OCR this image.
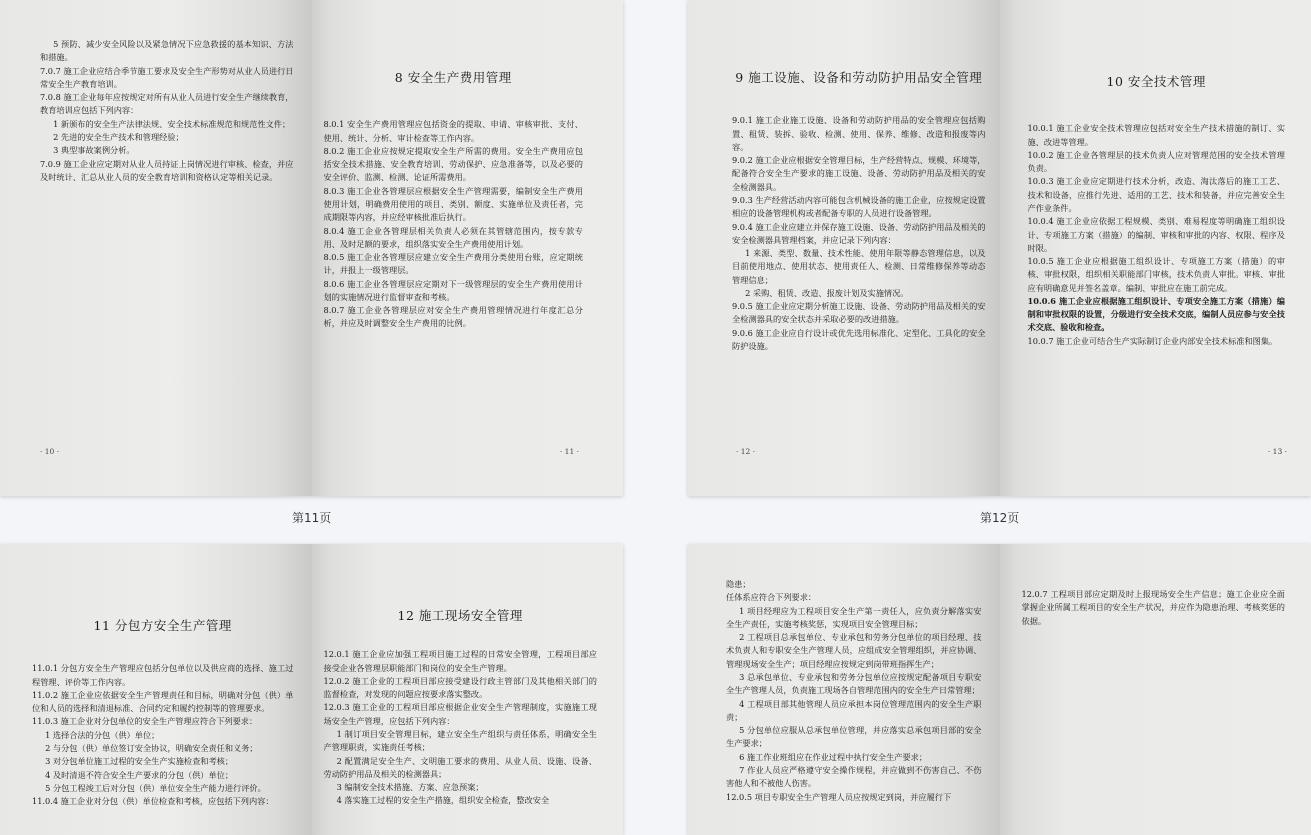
5 预防、减少安全风险以及紧急情况下应急救援的基本知识、方法和措施。

7.0.7 施工企业应结合季节施工要求及安全生产形势对从业人员进行日常安全生产教育培训。

7.0.8 施工企业每年应按规定对所有从业人员进行安全生产继续教育，教育培训应包括下列内容：

1 新颁布的安全生产法律法规、安全技术标准规范和规范性文件；

2 先进的安全生产技术和管理经验；

3 典型事故案例分析。

7.0.9 施工企业应定期对从业人员持证上岗情况进行审核、检查，并应及时统计、汇总从业人员的安全教育培训和资格认定等相关记录。

· 10 ·
8 安全生产费用管理

8.0.1 安全生产费用管理应包括资金的提取、申请、审核审批、支付、使用、统计、分析、审计检查等工作内容。

8.0.2 施工企业应按规定提取安全生产所需的费用。安全生产费用应包括安全技术措施、安全教育培训、劳动保护、应急准备等，以及必要的安全评价、监测、检测、论证所需费用。

8.0.3 施工企业各管理层应根据安全生产管理需要，编制安全生产费用使用计划，明确费用使用的项目、类别、额度、实施单位及责任者，完成期限等内容，并应经审核批准后执行。

8.0.4 施工企业各管理层相关负责人必须在其管辖范围内，按专款专用、及时足额的要求，组织落实安全生产费用使用计划。

8.0.5 施工企业各管理层应建立安全生产费用分类使用台账，应定期统计，并报上一级管理层。

8.0.6 施工企业各管理层应定期对下一级管理层的安全生产费用使用计划的实施情况进行监督审查和考核。

8.0.7 施工企业各管理层应对安全生产费用管理情况进行年度汇总分析，并应及时调整安全生产费用的比例。

· 11 ·
9 施工设施、设备和劳动防护用品安全管理

9.0.1 施工企业施工设施、设备和劳动防护用品的安全管理应包括购置、租赁、装拆、验收、检测、使用、保养、维修、改造和报废等内容。

9.0.2 施工企业应根据安全管理目标，生产经营特点、规模、环境等，配备符合安全生产要求的施工设施、设备、劳动防护用品及相关的安全检测器具。

9.0.3 生产经营活动内容可能包含机械设备的施工企业，应按规定设置相应的设备管理机构或者配备专职的人员进行设备管理。

9.0.4 施工企业应建立并保存施工设施、设备、劳动防护用品及相关的安全检测器具管理档案，并应记录下列内容：

1 来源、类型、数量、技术性能、使用年限等静态管理信息，以及目前使用地点、使用状态、使用责任人、检测、日常维修保养等动态管理信息；

2 采购、租赁、改造、报废计划及实施情况。

9.0.5 施工企业应定期分析施工设施、设备、劳动防护用品及相关的安全检测器具的安全状态并采取必要的改进措施。

9.0.6 施工企业应自行设计或优先选用标准化、定型化、工具化的安全防护设施。

· 12 ·
10 安全技术管理

10.0.1 施工企业安全技术管理应包括对安全生产技术措施的制订、实施、改进等管理。

10.0.2 施工企业各管理层的技术负责人应对管理范围的安全技术管理负责。

10.0.3 施工企业应定期进行技术分析，改造、淘汰落后的施工工艺、技术和设备，应推行先进、适用的工艺、技术和装备，并应完善安全生产作业条件。

10.0.4 施工企业应依据工程规模、类别、难易程度等明确施工组织设计、专项施工方案（措施）的编制、审核和审批的内容、权限、程序及时限。

10.0.5 施工企业应根据施工组织设计、专项施工方案（措施）的审核、审批权限，组织相关职能部门审核，技术负责人审批。审核、审批应有明确意见并签名盖章。编制、审批应在施工前完成。

10.0.6 施工企业应根据施工组织设计、专项安全施工方案（措施）编制和审批权限的设置，分级进行安全技术交底，编制人员应参与安全技术交底、验收和检查。

10.0.7 施工企业可结合生产实际制订企业内部安全技术标准和图集。

· 13 ·
第11页	第12页
11 分包方安全生产管理

11.0.1 分包方安全生产管理应包括分包单位以及供应商的选择、施工过程管理、评价等工作内容。

11.0.2 施工企业应依据安全生产管理责任和目标，明确对分包（供）单位和人员的选择和清退标准、合同约定和履约控制等的管理要求。

11.0.3 施工企业对分包单位的安全生产管理应符合下列要求：

1 选择合法的分包（供）单位；

2 与分包（供）单位签订安全协议，明确安全责任和义务；

3 对分包单位施工过程的安全生产实施检查和考核；

4 及时清退不符合安全生产要求的分包（供）单位；

5 分包工程竣工后对分包（供）单位安全生产能力进行评价。

11.0.4 施工企业对分包（供）单位检查和考核，应包括下列内容：

12 施工现场安全管理

12.0.1 施工企业应加强工程项目施工过程的日常安全管理，工程项目部应接受企业各管理层职能部门和岗位的安全生产管理。

12.0.2 施工企业的工程项目部应接受建设行政主管部门及其他相关部门的监督检查，对发现的问题应按要求落实整改。

12.0.3 施工企业的工程项目部应根据企业安全生产管理制度，实施施工现场安全生产管理，应包括下列内容：

1 制订项目安全管理目标，建立安全生产组织与责任体系，明确安全生产管理职责，实施责任考核；

2 配置满足安全生产、文明施工要求的费用、从业人员、设施、设备、劳动防护用品及相关的检测器具；

3 编制安全技术措施、方案、应急预案；

4 落实施工过程的安全生产措施，组织安全检查，整改安全

隐患；

任体系应符合下列要求：

1 项目经理应为工程项目安全生产第一责任人，应负责分解落实安全生产责任，实施考核奖惩，实现项目安全管理目标；

2 工程项目总承包单位、专业承包和劳务分包单位的项目经理、技术负责人和专职安全生产管理人员，应组成安全管理组织，并应协调、管理现场安全生产；项目经理应按规定到岗带班指挥生产；

3 总承包单位、专业承包和劳务分包单位应按规定配备项目专职安全生产管理人员，负责施工现场各自管理范围内的安全生产日常管理；

4 工程项目部其他管理人员应承担本岗位管理范围内的安全生产职责；

5 分包单位应服从总承包单位管理，并应落实总承包项目部的安全生产要求；

6 施工作业班组应在作业过程中执行安全生产要求；

7 作业人员应严格遵守安全操作规程，并应做到不伤害自己、不伤害他人和不被他人伤害。

12.0.5 项目专职安全生产管理人员应按规定到岗，并应履行下

12.0.7 工程项目部应定期及时上报现场安全生产信息；施工企业应全面掌握企业所属工程项目的安全生产状况，并应作为隐患治理、考核奖惩的依据。
